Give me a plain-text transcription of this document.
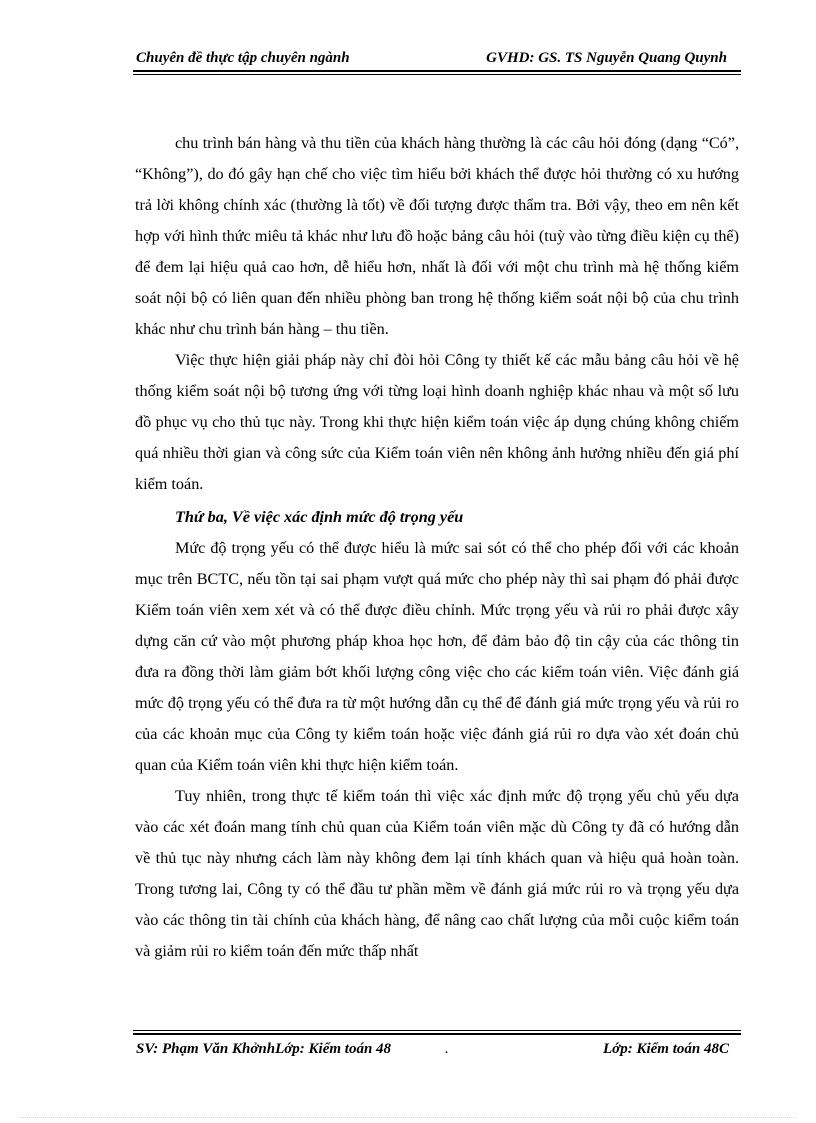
Chuyên đề thực tập chuyên ngành	GVHD: GS. TS Nguyễn Quang Quynh

chu trình bán hàng và thu tiền của khách hàng thường là các câu hỏi đóng (dạng “Có”, “Không”), do đó gây hạn chế cho việc tìm hiểu bởi khách thể được hỏi thường có xu hướng trả lời không chính xác (thường là tốt) về đối tượng được thẩm tra. Bởi vậy, theo em nên kết hợp với hình thức miêu tả khác như lưu đồ hoặc bảng câu hỏi (tuỳ vào từng điều kiện cụ thể) để đem lại hiệu quả cao hơn, dễ hiểu hơn, nhất là đối với một chu trình mà hệ thống kiểm soát nội bộ có liên quan đến nhiều phòng ban trong hệ thống kiểm soát nội bộ của chu trình khác như chu trình bán hàng – thu tiền.

Việc thực hiện giải pháp này chỉ đòi hỏi Công ty thiết kế các mẫu bảng câu hỏi về hệ thống kiểm soát nội bộ tương ứng với từng loại hình doanh nghiệp khác nhau và một số lưu đồ phục vụ cho thủ tục này. Trong khi thực hiện kiểm toán việc áp dụng chúng không chiếm quá nhiều thời gian và công sức của Kiểm toán viên nên không ảnh hưởng nhiều đến giá phí kiểm toán.

Thứ ba, Về việc xác định mức độ trọng yếu

Mức độ trọng yếu có thể được hiểu là mức sai sót có thể cho phép đối với các khoản mục trên BCTC, nếu tồn tại sai phạm vượt quá mức cho phép này thì sai phạm đó phải được Kiểm toán viên xem xét và có thể được điều chỉnh. Mức trọng yếu và rủi ro phải được xây dựng căn cứ vào một phương pháp khoa học hơn, để đảm bảo độ tin cậy của các thông tin đưa ra đồng thời làm giảm bớt khối lượng công việc cho các kiểm toán viên. Việc đánh giá mức độ trọng yếu có thể đưa ra từ một hướng dẫn cụ thể để đánh giá mức trọng yếu và rủi ro của các khoản mục của Công ty kiểm toán hoặc việc đánh giá rủi ro dựa vào xét đoán chủ quan của Kiểm toán viên khi thực hiện kiểm toán.

Tuy nhiên, trong thực tế kiểm toán thì việc xác định mức độ trọng yếu chủ yếu dựa vào các xét đoán mang tính chủ quan của Kiểm toán viên mặc dù Công ty đã có hướng dẫn về thủ tục này nhưng cách làm này không đem lại tính khách quan và hiệu quả hoàn toàn. Trong tương lai, Công ty có thể đầu tư phần mềm về đánh giá mức rủi ro và trọng yếu dựa vào các thông tin tài chính của khách hàng, để nâng cao chất lượng của mỗi cuộc kiểm toán và giảm rủi ro kiểm toán đến mức thấp nhất

SV: Phạm Văn KhởnhLớp: Kiểm toán 48	.	Lớp: Kiểm toán 48C
